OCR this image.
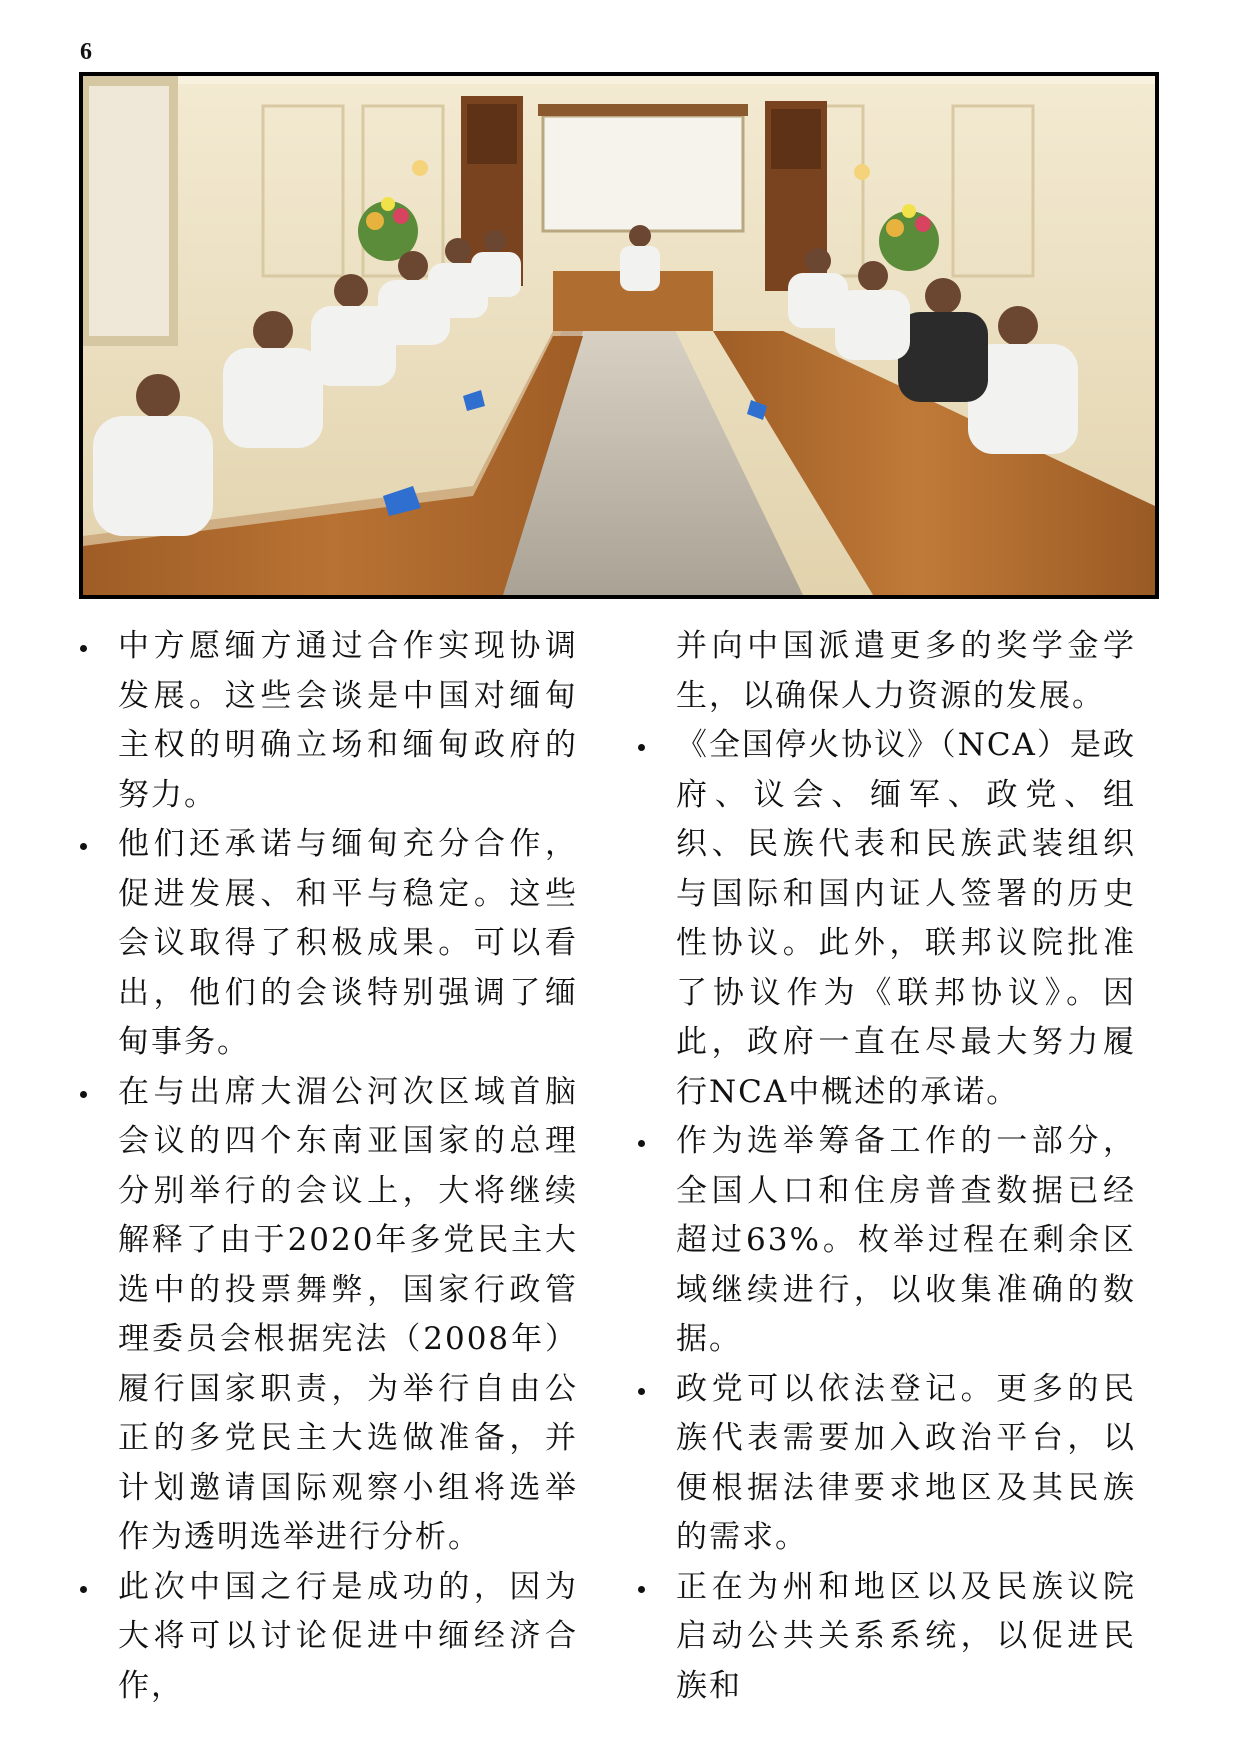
6
中方愿缅方通过合作实现协调发展。这些会谈是中国对缅甸主权的明确立场和缅甸政府的努力。
他们还承诺与缅甸充分合作，促进发展、和平与稳定。这些会议取得了积极成果。可以看出，他们的会谈特别强调了缅甸事务。
在与出席大湄公河次区域首脑会议的四个东南亚国家的总理分别举行的会议上，大将继续解释了由于2020年多党民主大选中的投票舞弊，国家行政管理委员会根据宪法（2008年）履行国家职责，为举行自由公正的多党民主大选做准备，并计划邀请国际观察小组将选举作为透明选举进行分析。
此次中国之行是成功的，因为大将可以讨论促进中缅经济合作，

并向中国派遣更多的奖学金学生，以确保人力资源的发展。

《全国停火协议》（NCA）是政府、议会、缅军、政党、组织、民族代表和民族武装组织与国际和国内证人签署的历史性协议。此外，联邦议院批准了协议作为《联邦协议》。因此，政府一直在尽最大努力履行NCA中概述的承诺。
作为选举筹备工作的一部分，全国人口和住房普查数据已经超过63%。枚举过程在剩余区域继续进行，以收集准确的数据。
政党可以依法登记。更多的民族代表需要加入政治平台，以便根据法律要求地区及其民族的需求。
正在为州和地区以及民族议院启动公共关系系统，以促进民族和
